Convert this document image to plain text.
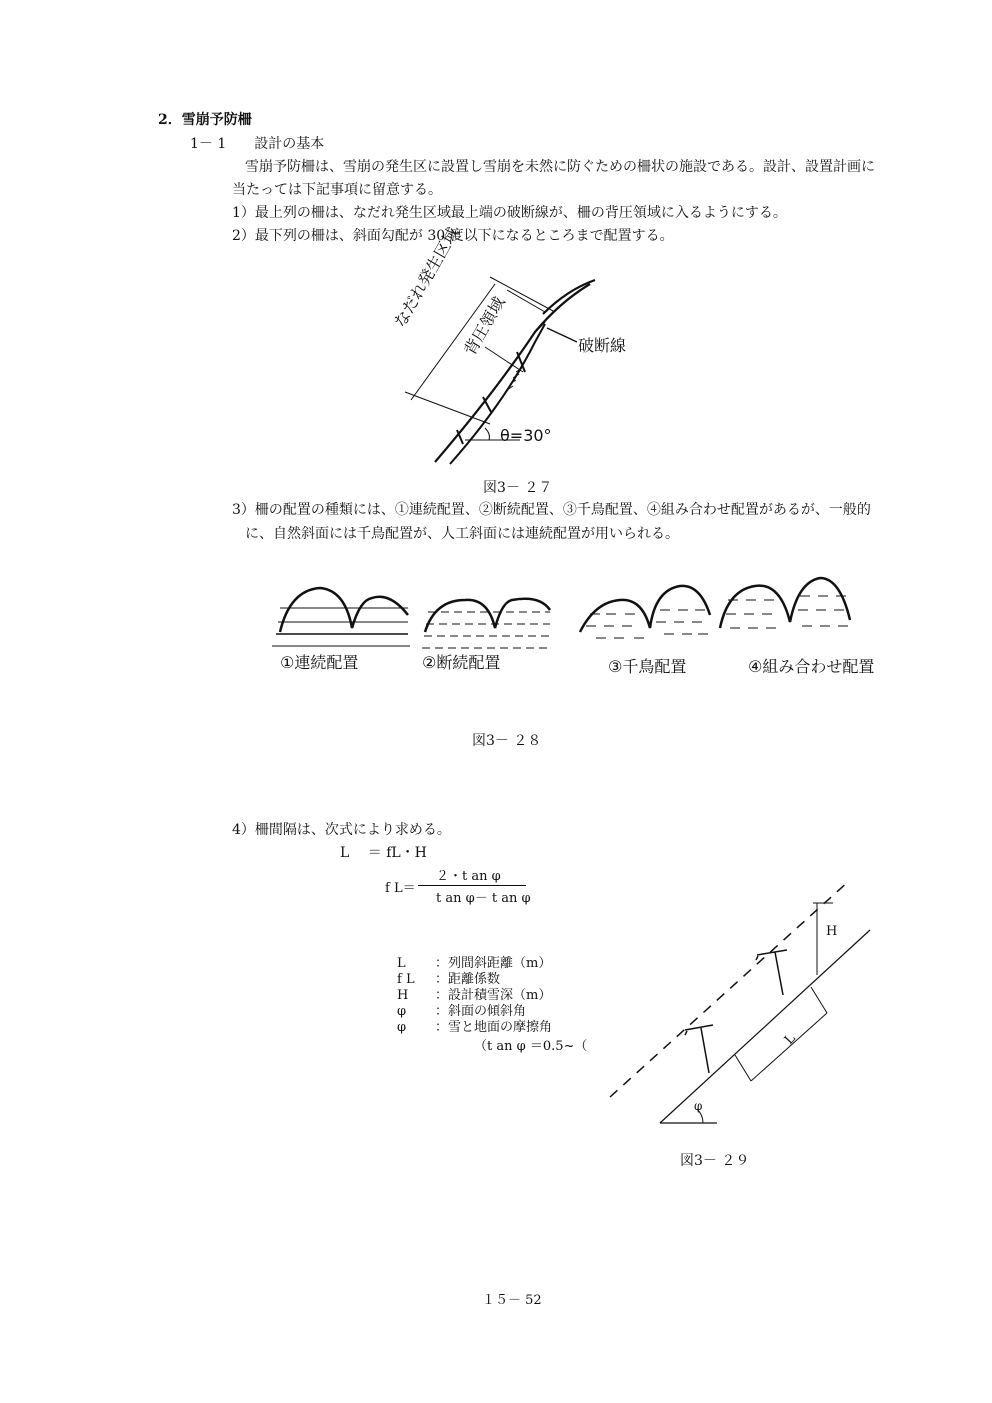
2．雪崩予防柵
1－ 1　　設計の基本
雪崩予防柵は、雪崩の発生区に設置し雪崩を未然に防ぐための柵状の施設である。設計、設置計画に
当たっては下記事項に留意する。
1）最上列の柵は、なだれ発生区域最上端の破断線が、柵の背圧領域に入るようにする。
2）最下列の柵は、斜面勾配が 30 度以下になるところまで配置する。
なだれ発生区域
背圧領域	破断線
θ=30°
図3－ ２７
3）柵の配置の種類には、①連続配置、②断続配置、③千鳥配置、④組み合わせ配置があるが、一般的
に、自然斜面には千鳥配置が、人工斜面には連続配置が用いられる。
①連続配置	②断続配置	③千鳥配置	④組み合わせ配置
図3－ ２８
4）柵間隔は、次式により求める。
L　 ＝ fL・H
f L＝
２・t an φ
t an φ－ t an φ
L ：列間斜距離（m）
f L ：距離係数
H ：設計積雪深（m）
φ ：斜面の傾斜角
φ ：雪と地面の摩擦角
（t an φ ＝0.5~（
H
L
φ
図3－ ２９
１５－ 52
